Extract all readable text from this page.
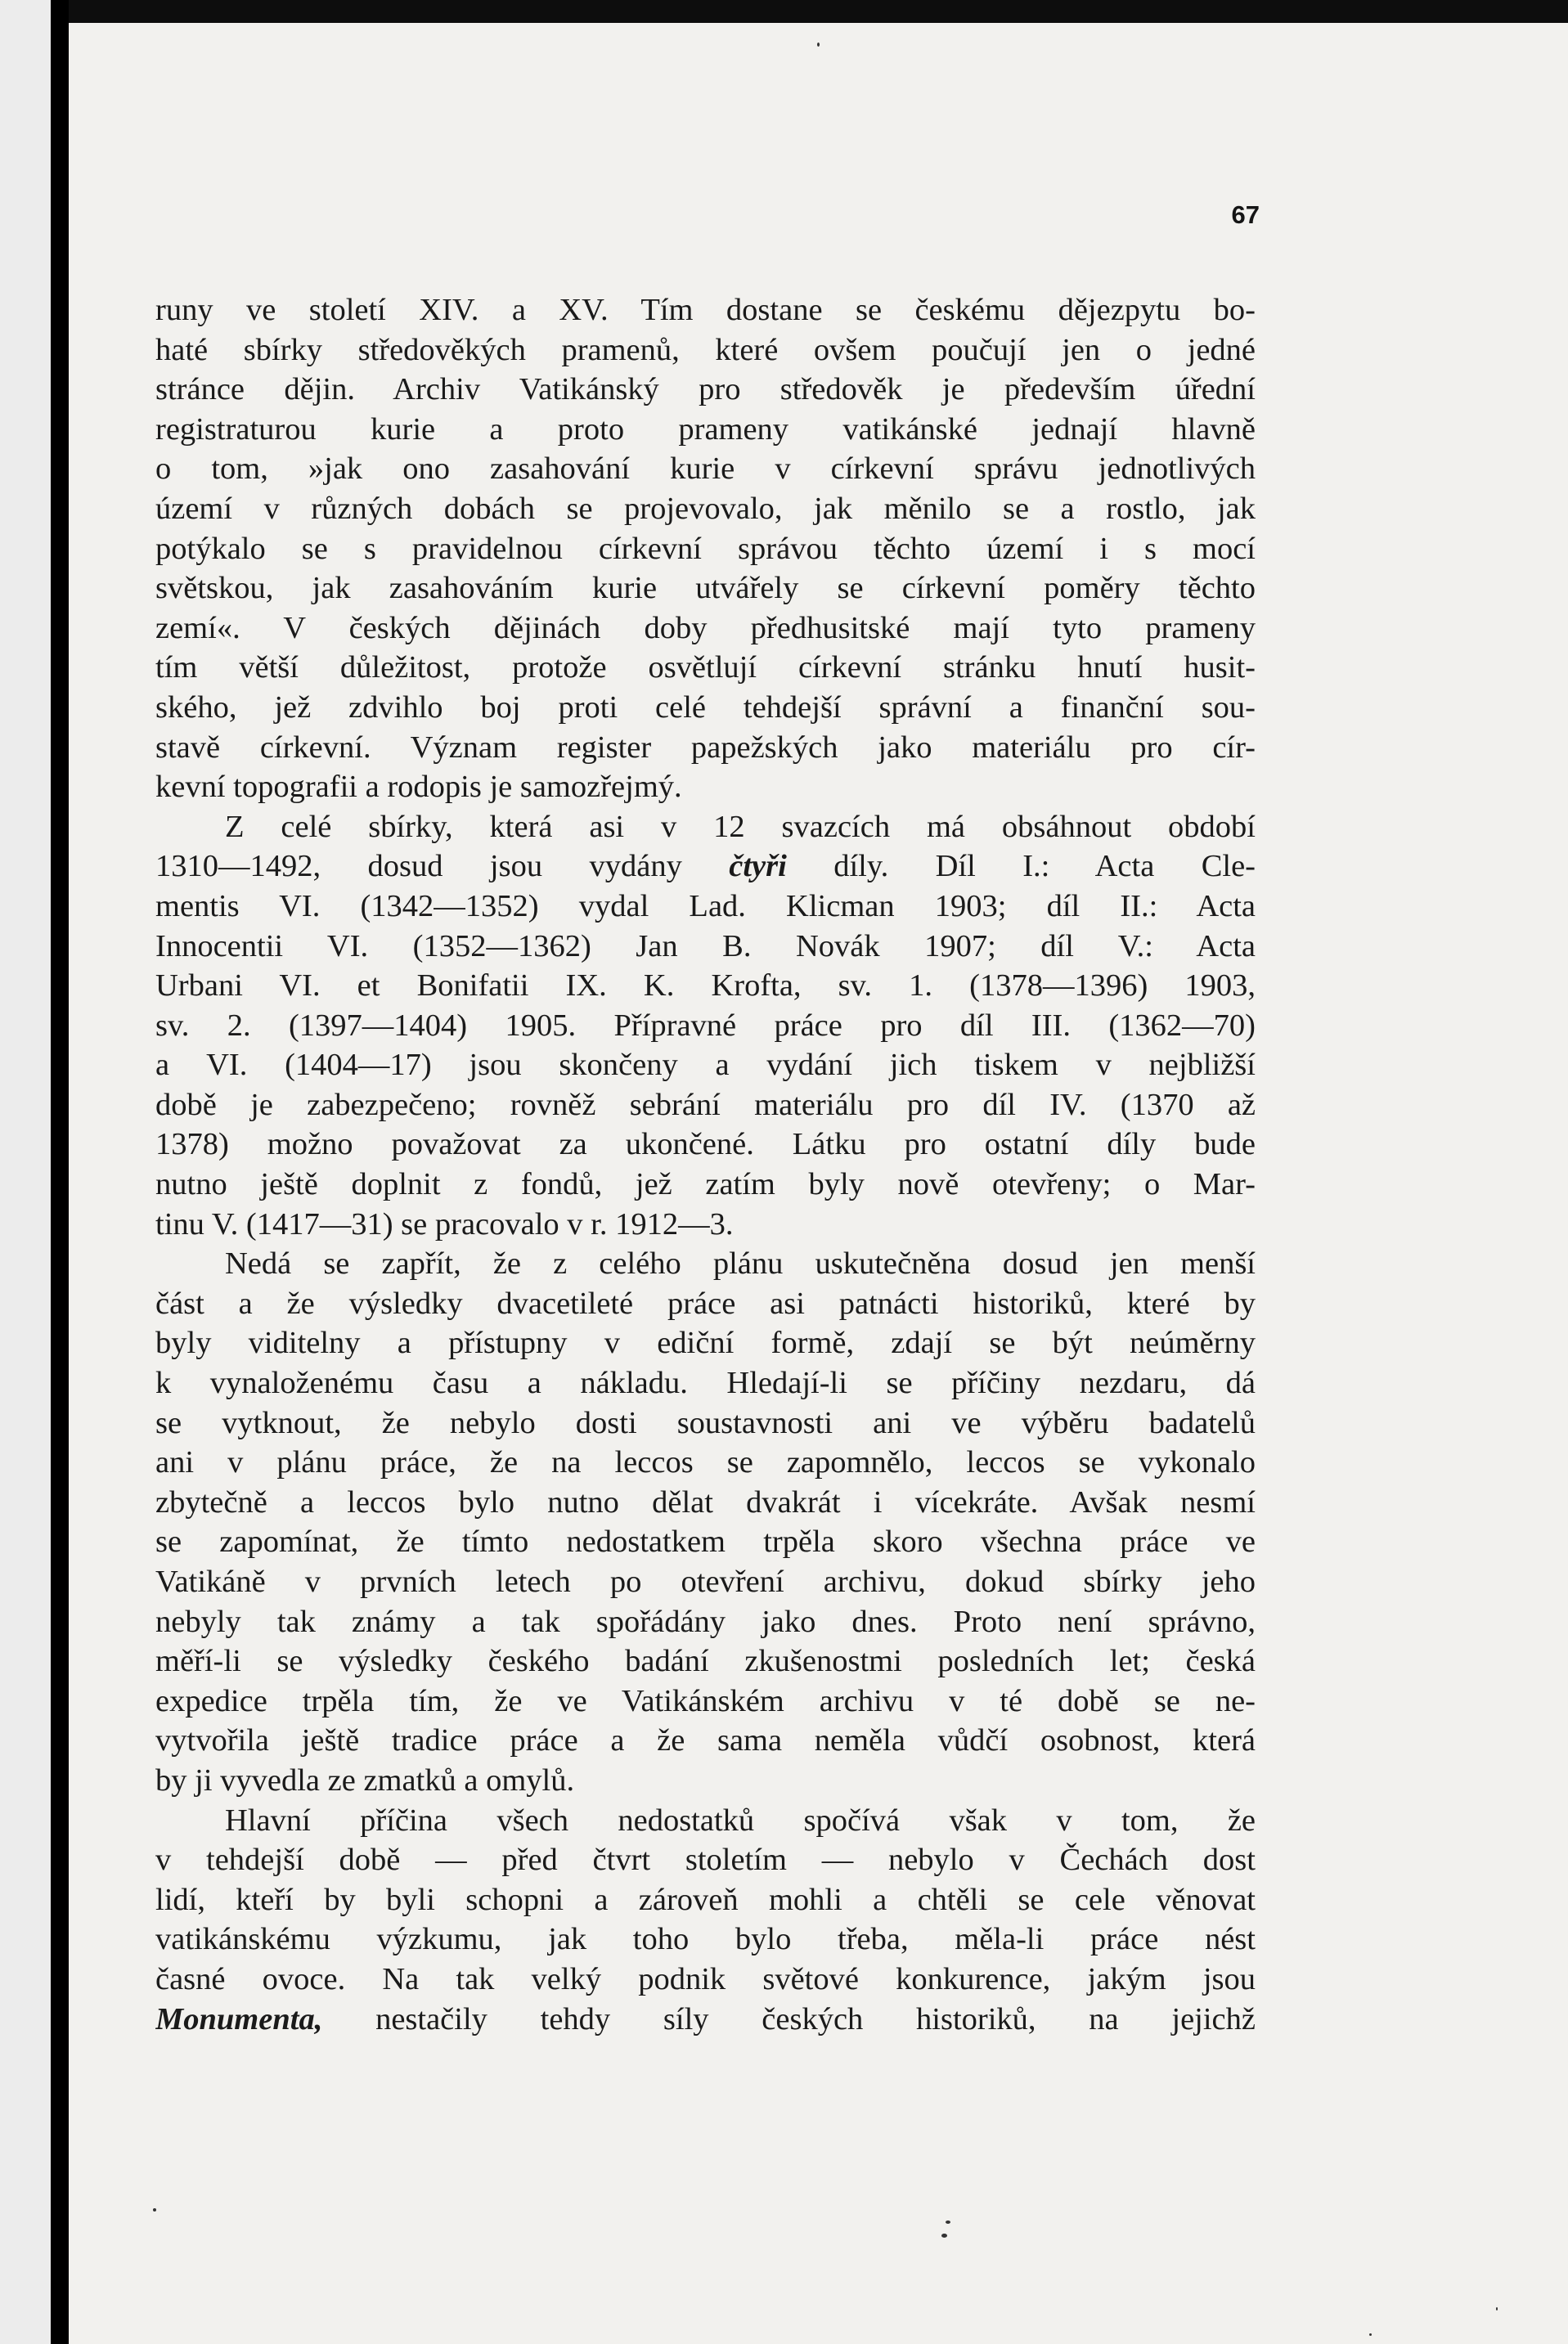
67
runy ve století XIV. a XV. Tím dostane se českému dějezpytu bo-
haté sbírky středověkých pramenů, které ovšem poučují jen o jedné
stránce dějin. Archiv Vatikánský pro středověk je především úřední
registraturou kurie a proto prameny vatikánské jednají hlavně
o tom, »jak ono zasahování kurie v církevní správu jednotlivých
území v různých dobách se projevovalo, jak měnilo se a rostlo, jak
potýkalo se s pravidelnou církevní správou těchto území i s mocí
světskou, jak zasahováním kurie utvářely se církevní poměry těchto
zemí«. V českých dějinách doby předhusitské mají tyto prameny
tím větší důležitost, protože osvětlují církevní stránku hnutí husit-
ského, jež zdvihlo boj proti celé tehdejší správní a finanční sou-
stavě církevní. Význam register papežských jako materiálu pro cír-
kevní topografii a rodopis je samozřejmý.
Z celé sbírky, která asi v 12 svazcích má obsáhnout období
1310—1492, dosud jsou vydány čtyři díly. Díl I.: Acta Cle-
mentis VI. (1342—1352) vydal Lad. Klicman 1903; díl II.: Acta
Innocentii VI. (1352—1362) Jan B. Novák 1907; díl V.: Acta
Urbani VI. et Bonifatii IX. K. Krofta, sv. 1. (1378—1396) 1903,
sv. 2. (1397—1404) 1905. Přípravné práce pro díl III. (1362—70)
a VI. (1404—17) jsou skončeny a vydání jich tiskem v nejbližší
době je zabezpečeno; rovněž sebrání materiálu pro díl IV. (1370 až
1378) možno považovat za ukončené. Látku pro ostatní díly bude
nutno ještě doplnit z fondů, jež zatím byly nově otevřeny; o Mar-
tinu V. (1417—31) se pracovalo v r. 1912—3.
Nedá se zapřít, že z celého plánu uskutečněna dosud jen menší
část a že výsledky dvacetileté práce asi patnácti historiků, které by
byly viditelny a přístupny v ediční formě, zdají se být neúměrny
k vynaloženému času a nákladu. Hledají-li se příčiny nezdaru, dá
se vytknout, že nebylo dosti soustavnosti ani ve výběru badatelů
ani v plánu práce, že na leccos se zapomnělo, leccos se vykonalo
zbytečně a leccos bylo nutno dělat dvakrát i vícekráte. Avšak nesmí
se zapomínat, že tímto nedostatkem trpěla skoro všechna práce ve
Vatikáně v prvních letech po otevření archivu, dokud sbírky jeho
nebyly tak známy a tak spořádány jako dnes. Proto není správno,
měří-li se výsledky českého badání zkušenostmi posledních let; česká
expedice trpěla tím, že ve Vatikánském archivu v té době se ne-
vytvořila ještě tradice práce a že sama neměla vůdčí osobnost, která
by ji vyvedla ze zmatků a omylů.
Hlavní příčina všech nedostatků spočívá však v tom, že
v tehdejší době — před čtvrt stoletím — nebylo v Čechách dost
lidí, kteří by byli schopni a zároveň mohli a chtěli se cele věnovat
vatikánskému výzkumu, jak toho bylo třeba, měla-li práce nést
časné ovoce. Na tak velký podnik světové konkurence, jakým jsou
Monumenta, nestačily tehdy síly českých historiků, na jejichž
